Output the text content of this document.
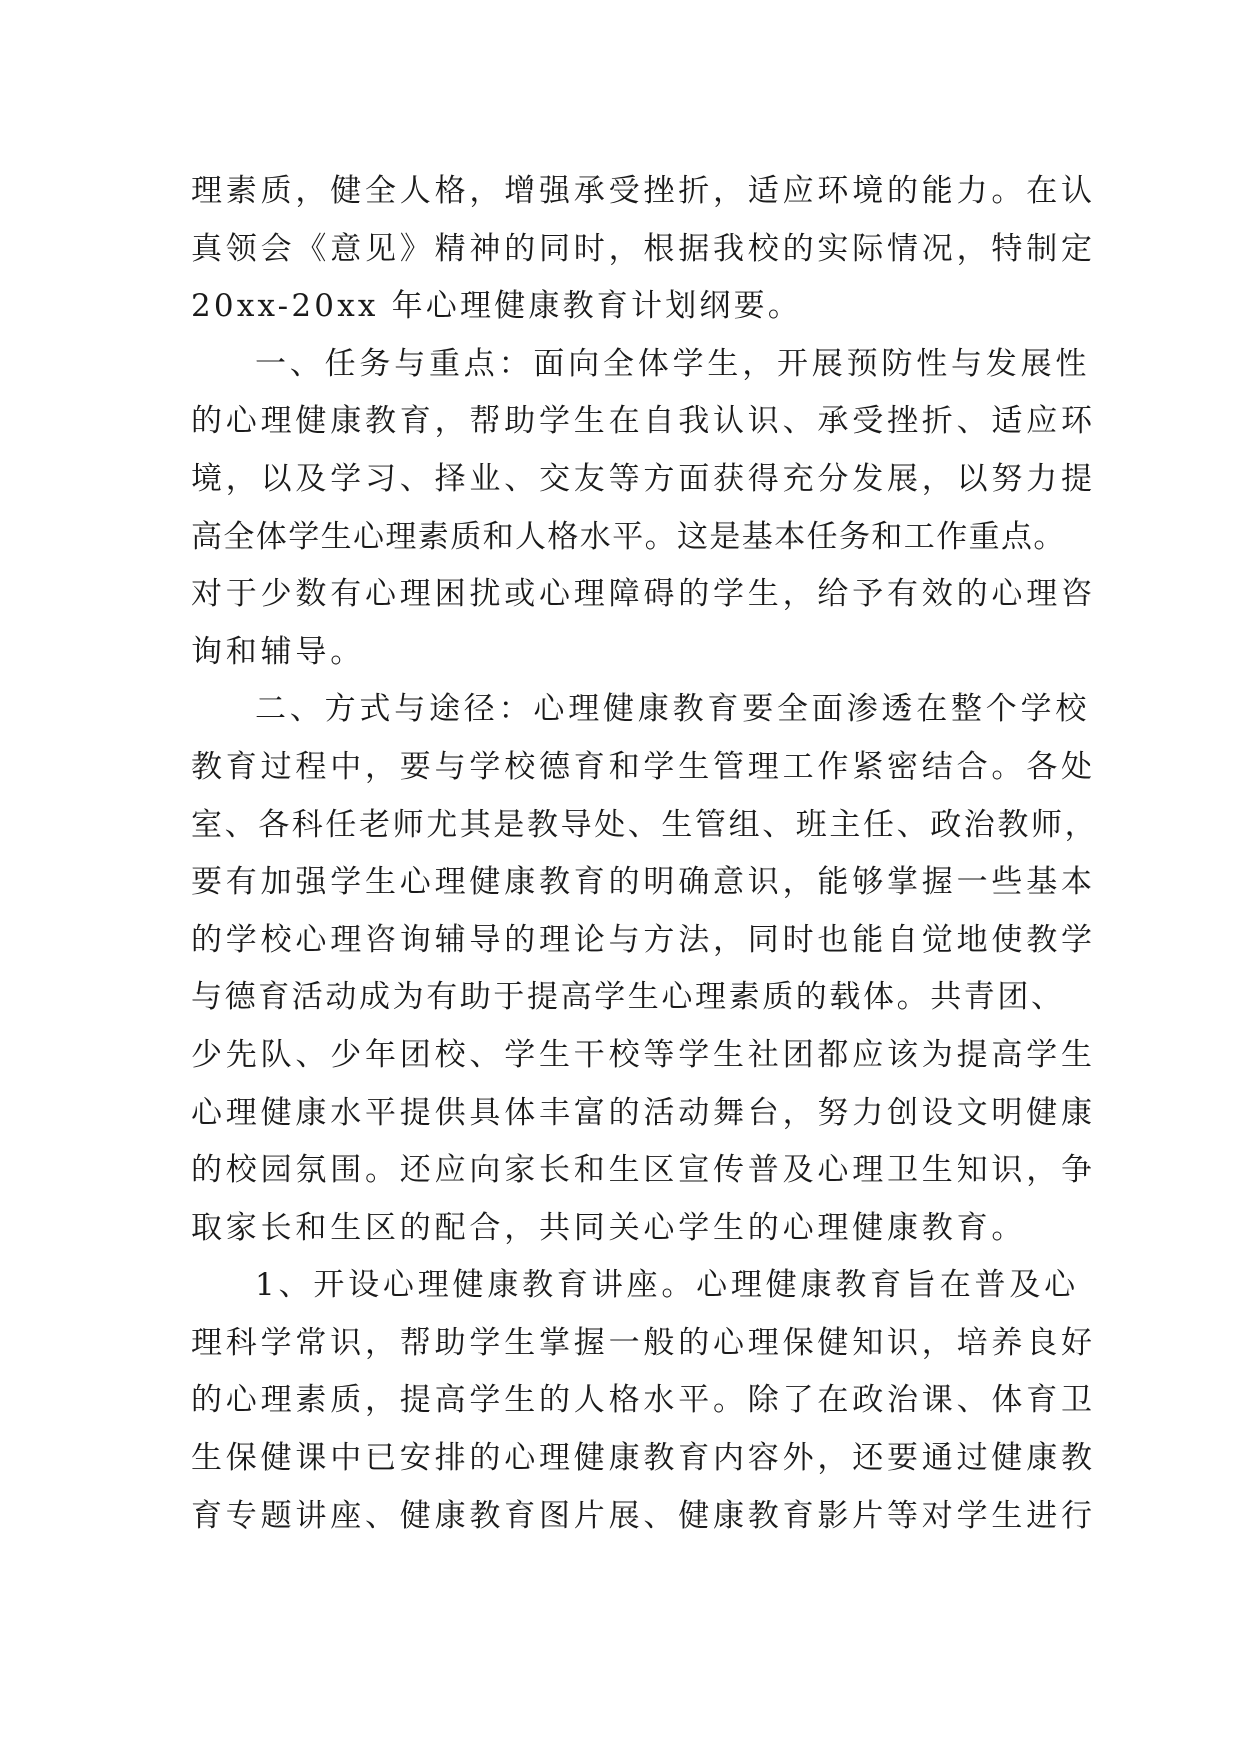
理素质，健全人格，增强承受挫折，适应环境的能力。在认
真领会《意见》精神的同时，根据我校的实际情况，特制定
20xx-20xx 年心理健康教育计划纲要。
一、任务与重点：面向全体学生，开展预防性与发展性
的心理健康教育，帮助学生在自我认识、承受挫折、适应环
境，以及学习、择业、交友等方面获得充分发展，以努力提
高全体学生心理素质和人格水平。这是基本任务和工作重点。
对于少数有心理困扰或心理障碍的学生，给予有效的心理咨
询和辅导。
二、方式与途径：心理健康教育要全面渗透在整个学校
教育过程中，要与学校德育和学生管理工作紧密结合。各处
室、各科任老师尤其是教导处、生管组、班主任、政治教师，
要有加强学生心理健康教育的明确意识，能够掌握一些基本
的学校心理咨询辅导的理论与方法，同时也能自觉地使教学
与德育活动成为有助于提高学生心理素质的载体。共青团、
少先队、少年团校、学生干校等学生社团都应该为提高学生
心理健康水平提供具体丰富的活动舞台，努力创设文明健康
的校园氛围。还应向家长和生区宣传普及心理卫生知识，争
取家长和生区的配合，共同关心学生的心理健康教育。
1、开设心理健康教育讲座。心理健康教育旨在普及心
理科学常识，帮助学生掌握一般的心理保健知识，培养良好
的心理素质，提高学生的人格水平。除了在政治课、体育卫
生保健课中已安排的心理健康教育内容外，还要通过健康教
育专题讲座、健康教育图片展、健康教育影片等对学生进行
